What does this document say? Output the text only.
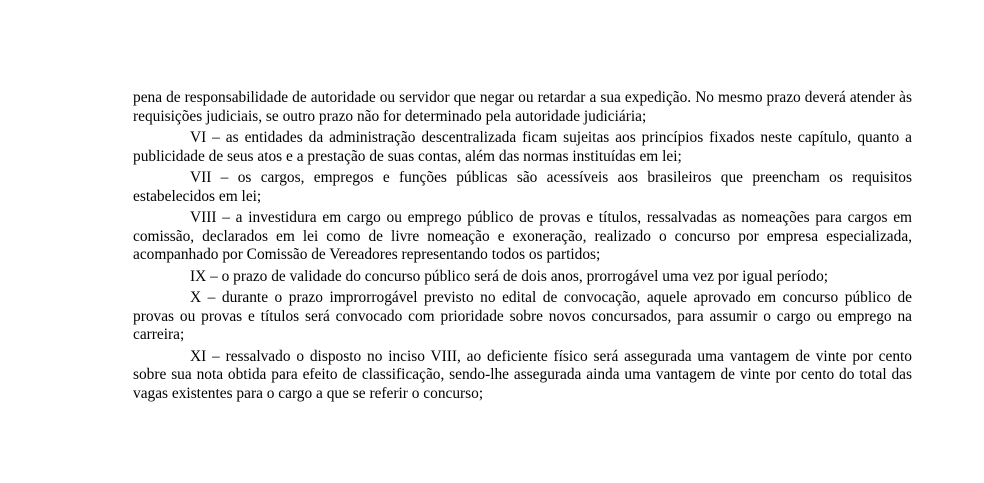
pena de responsabilidade de autoridade ou servidor que negar ou retardar a sua expedição. No mesmo prazo deverá atender às requisições judiciais, se outro prazo não for determinado pela autoridade judiciária;

VI – as entidades da administração descentralizada ficam sujeitas aos princípios fixados neste capítulo, quanto a publicidade de seus atos e a prestação de suas contas, além das normas instituídas em lei;

VII – os cargos, empregos e funções públicas são acessíveis aos brasileiros que preencham os requisitos estabelecidos em lei;

VIII – a investidura em cargo ou emprego público de provas e títulos, ressalvadas as nomeações para cargos em comissão, declarados em lei como de livre nomeação e exoneração, realizado o concurso por empresa especializada, acompanhado por Comissão de Vereadores representando todos os partidos;

IX – o prazo de validade do concurso público será de dois anos, prorrogável uma vez por igual período;

X – durante o prazo improrrogável previsto no edital de convocação, aquele aprovado em concurso público de provas ou provas e títulos será convocado com prioridade sobre novos concursados, para assumir o cargo ou emprego na carreira;

XI – ressalvado o disposto no inciso VIII, ao deficiente físico será assegurada uma vantagem de vinte por cento sobre sua nota obtida para efeito de classificação, sendo-lhe assegurada ainda uma vantagem de vinte por cento do total das vagas existentes para o cargo a que se referir o concurso;
